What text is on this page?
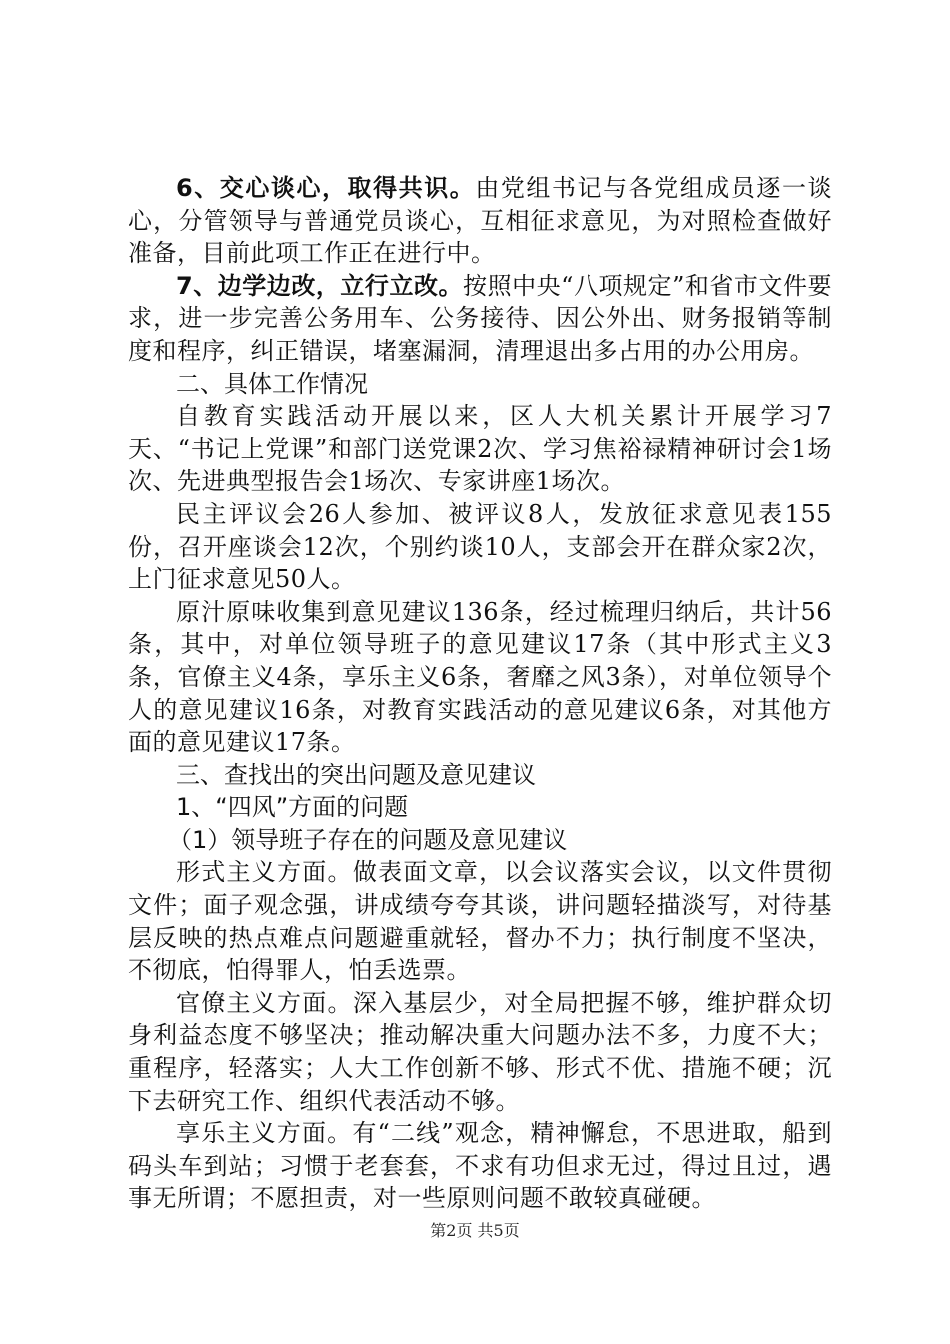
6、交心谈心，取得共识。由党组书记与各党组成员逐一谈心，分管领导与普通党员谈心，互相征求意见，为对照检查做好准备，目前此项工作正在进行中。

7、边学边改，立行立改。按照中央“八项规定”和省市文件要求，进一步完善公务用车、公务接待、因公外出、财务报销等制度和程序，纠正错误，堵塞漏洞，清理退出多占用的办公用房。

二、具体工作情况

自教育实践活动开展以来，区人大机关累计开展学习7天、“书记上党课”和部门送党课2次、学习焦裕禄精神研讨会1场次、先进典型报告会1场次、专家讲座1场次。

民主评议会26人参加、被评议8人，发放征求意见表155份，召开座谈会12次，个别约谈10人，支部会开在群众家2次，上门征求意见50人。

原汁原味收集到意见建议136条，经过梳理归纳后，共计56条，其中，对单位领导班子的意见建议17条（其中形式主义3条，官僚主义4条，享乐主义6条，奢靡之风3条），对单位领导个人的意见建议16条，对教育实践活动的意见建议6条，对其他方面的意见建议17条。

三、查找出的突出问题及意见建议

1、“四风”方面的问题

（1）领导班子存在的问题及意见建议

形式主义方面。做表面文章，以会议落实会议，以文件贯彻文件；面子观念强，讲成绩夸夸其谈，讲问题轻描淡写，对待基层反映的热点难点问题避重就轻，督办不力；执行制度不坚决，不彻底，怕得罪人，怕丢选票。

官僚主义方面。深入基层少，对全局把握不够，维护群众切身利益态度不够坚决；推动解决重大问题办法不多，力度不大；重程序，轻落实；人大工作创新不够、形式不优、措施不硬；沉下去研究工作、组织代表活动不够。

享乐主义方面。有“二线”观念，精神懈怠，不思进取，船到码头车到站；习惯于老套套，不求有功但求无过，得过且过，遇事无所谓；不愿担责，对一些原则问题不敢较真碰硬。

第2页 共5页
